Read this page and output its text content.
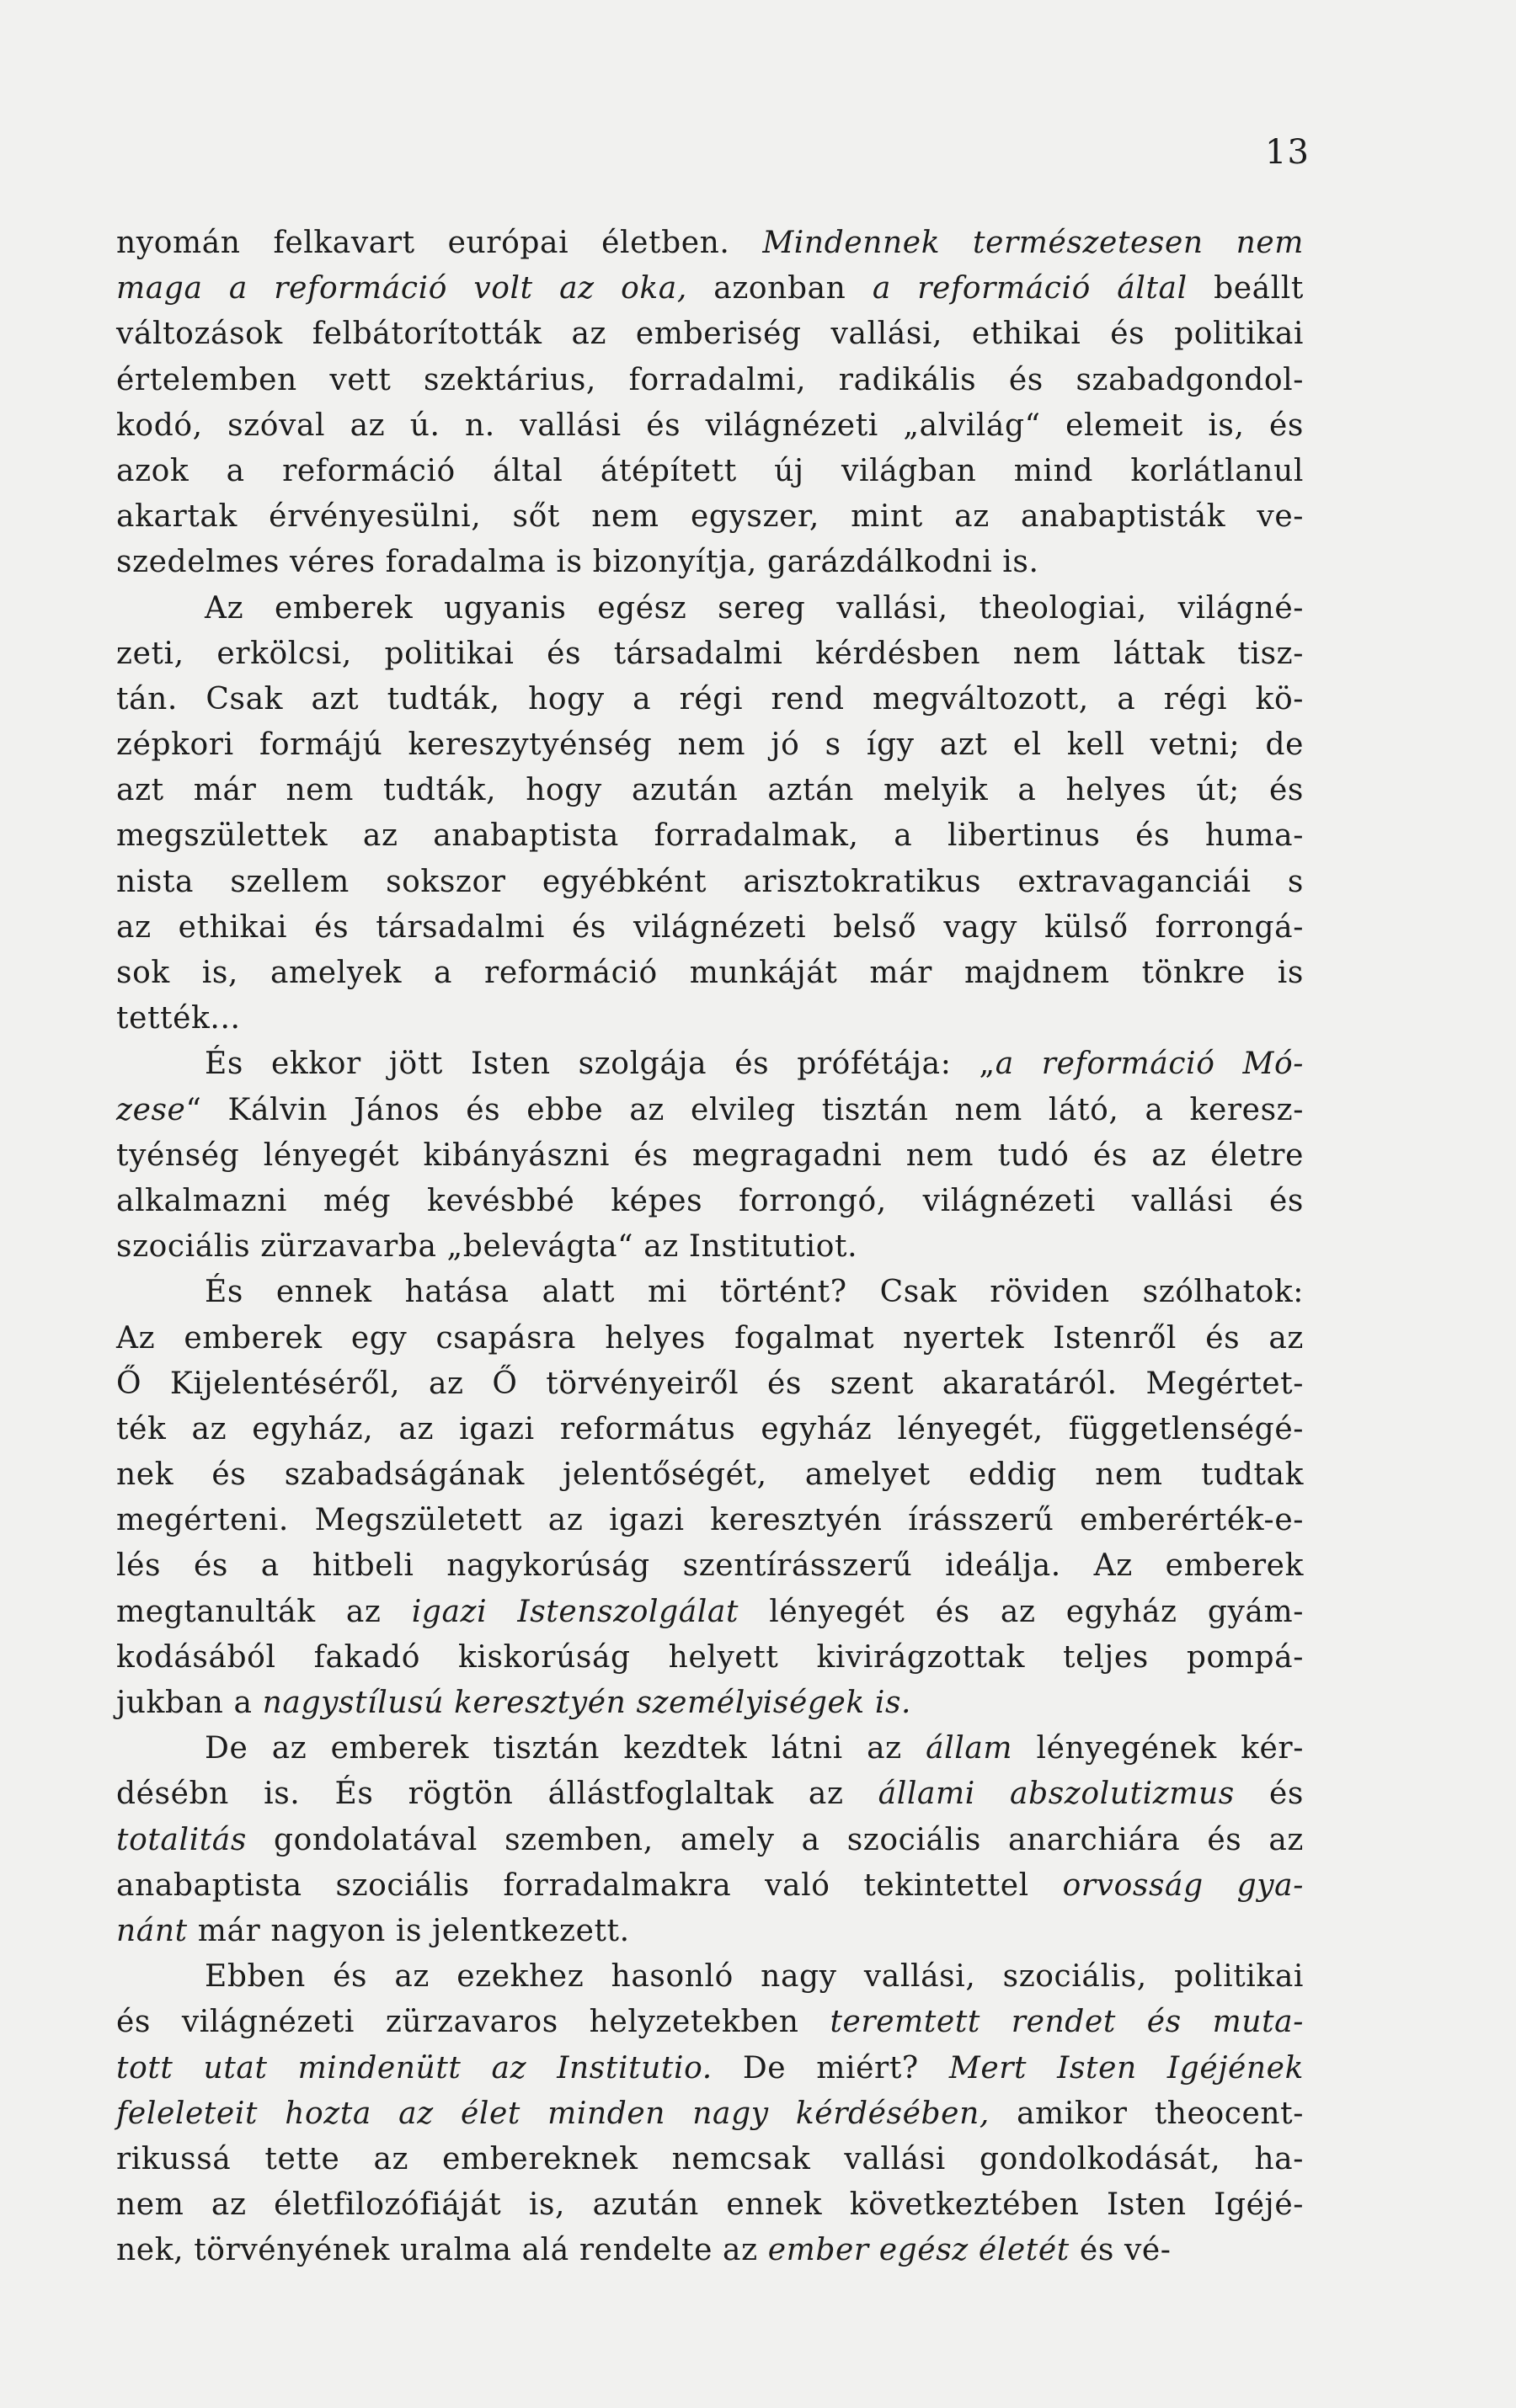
13
nyomán felkavart európai életben. Mindennek természetesen nem
maga a reformáció volt az oka, azonban a reformáció által beállt
változások felbátorították az emberiség vallási, ethikai és politikai
értelemben vett szektárius, forradalmi, radikális és szabadgondol-
kodó, szóval az ú. n. vallási és világnézeti „alvilág“ elemeit is, és
azok a reformáció által átépített új világban mind korlátlanul
akartak érvényesülni, sőt nem egyszer, mint az anabaptisták ve-
szedelmes véres foradalma is bizonyítja, garázdálkodni is.
Az emberek ugyanis egész sereg vallási, theologiai, világné-
zeti, erkölcsi, politikai és társadalmi kérdésben nem láttak tisz-
tán. Csak azt tudták, hogy a régi rend megváltozott, a régi kö-
zépkori formájú kereszytyénség nem jó s így azt el kell vetni; de
azt már nem tudták, hogy azután aztán melyik a helyes út; és
megszülettek az anabaptista forradalmak, a libertinus és huma-
nista szellem sokszor egyébként arisztokratikus extravaganciái s
az ethikai és társadalmi és világnézeti belső vagy külső forrongá-
sok is, amelyek a reformáció munkáját már majdnem tönkre is
tették...
És ekkor jött Isten szolgája és prófétája: „a reformáció Mó-
zese“ Kálvin János és ebbe az elvileg tisztán nem látó, a keresz-
tyénség lényegét kibányászni és megragadni nem tudó és az életre
alkalmazni még kevésbbé képes forrongó, világnézeti vallási és
szociális zürzavarba „belevágta“ az Institutiot.
És ennek hatása alatt mi történt? Csak röviden szólhatok:
Az emberek egy csapásra helyes fogalmat nyertek Istenről és az
Ő Kijelentéséről, az Ő törvényeiről és szent akaratáról. Megértet-
ték az egyház, az igazi református egyház lényegét, függetlenségé-
nek és szabadságának jelentőségét, amelyet eddig nem tudtak
megérteni. Megszületett az igazi keresztyén írásszerű emberérték-e-
lés és a hitbeli nagykorúság szentírásszerű ideálja. Az emberek
megtanulták az igazi Istenszolgálat lényegét és az egyház gyám-
kodásából fakadó kiskorúság helyett kivirágzottak teljes pompá-
jukban a nagystílusú keresztyén személyiségek is.
De az emberek tisztán kezdtek látni az állam lényegének kér-
désébn is. És rögtön állástfoglaltak az állami abszolutizmus és
totalitás gondolatával szemben, amely a szociális anarchiára és az
anabaptista szociális forradalmakra való tekintettel orvosság gya-
nánt már nagyon is jelentkezett.
Ebben és az ezekhez hasonló nagy vallási, szociális, politikai
és világnézeti zürzavaros helyzetekben teremtett rendet és muta-
tott utat mindenütt az Institutio. De miért? Mert Isten Igéjének
feleleteit hozta az élet minden nagy kérdésében, amikor theocent-
rikussá tette az embereknek nemcsak vallási gondolkodását, ha-
nem az életfilozófiáját is, azután ennek következtében Isten Igéjé-
nek, törvényének uralma alá rendelte az ember egész életét és vé-
